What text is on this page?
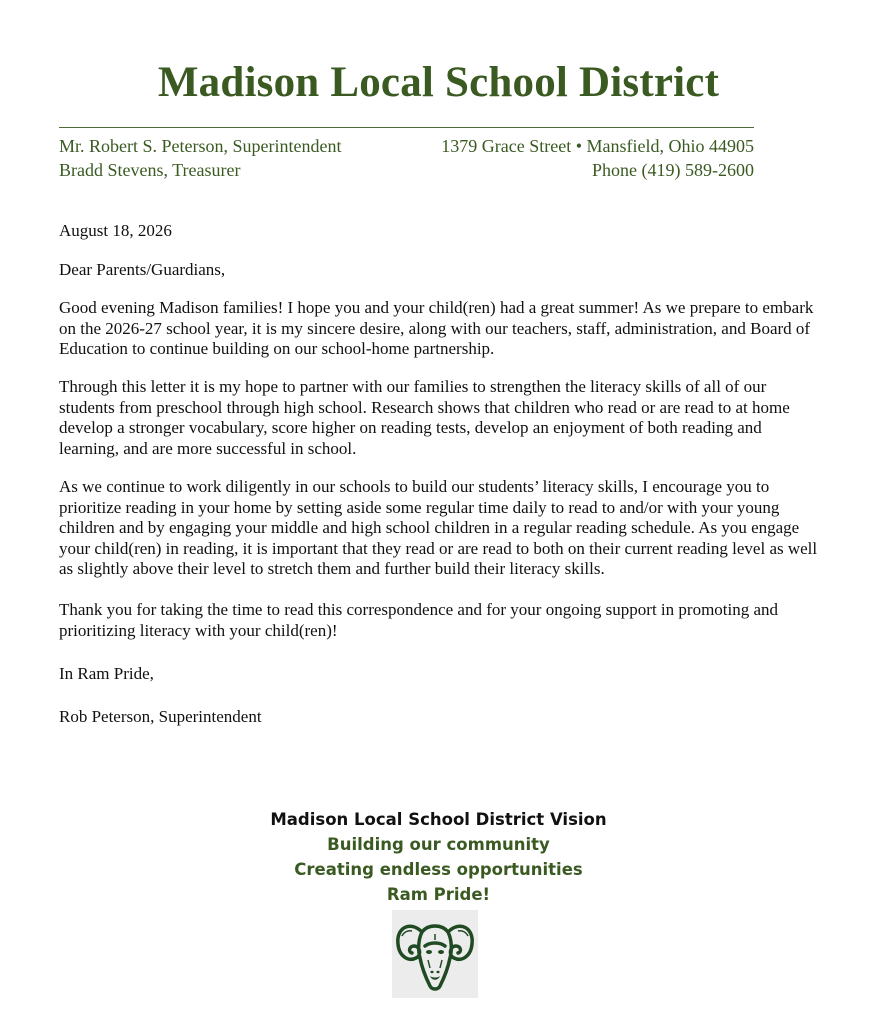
Madison Local School District
Mr. Robert S. Peterson, Superintendent
Bradd Stevens, Treasurer
1379 Grace Street • Mansfield, Ohio 44905
Phone (419) 589-2600
August 18, 2026
Dear Parents/Guardians,
Good evening Madison families! I hope you and your child(ren) had a great summer! As we prepare to embark on the 2026-27 school year, it is my sincere desire, along with our teachers, staff, administration, and Board of Education to continue building on our school-home partnership.
Through this letter it is my hope to partner with our families to strengthen the literacy skills of all of our students from preschool through high school. Research shows that children who read or are read to at home develop a stronger vocabulary, score higher on reading tests, develop an enjoyment of both reading and learning, and are more successful in school.
As we continue to work diligently in our schools to build our students’ literacy skills, I encourage you to prioritize reading in your home by setting aside some regular time daily to read to and/or with your young children and by engaging your middle and high school children in a regular reading schedule. As you engage your child(ren) in reading, it is important that they read or are read to both on their current reading level as well as slightly above their level to stretch them and further build their literacy skills.
Thank you for taking the time to read this correspondence and for your ongoing support in promoting and prioritizing literacy with your child(ren)!
In Ram Pride,
Rob Peterson, Superintendent
Madison Local School District Vision
Building our community
Creating endless opportunities
Ram Pride!
